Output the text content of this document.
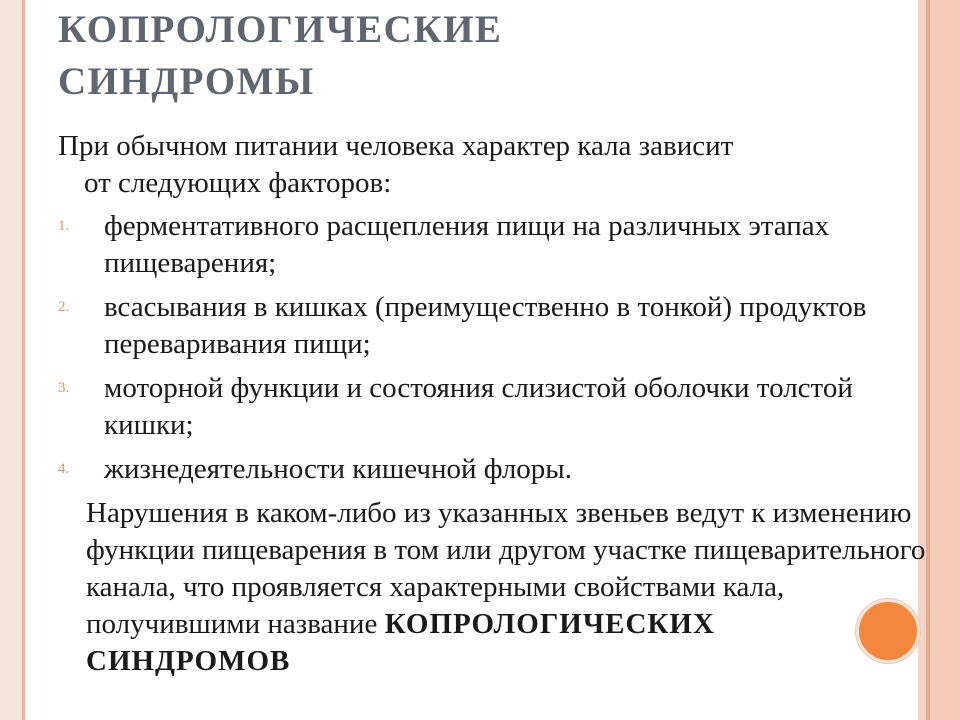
КОПРОЛОГИЧЕСКИЕ
СИНДРОМЫ

При обычном питании человека характер кала зависит
от следующих факторов:

1. ферментативного расщепления пищи на различных этапах пищеварения;
2. всасывания в кишках (преимущественно в тонкой) продуктов переваривания пищи;
3. моторной функции и состояния слизистой оболочки толстой кишки;
4. жизнедеятельности кишечной флоры.

Нарушения в каком-либо из указанных звеньев ведут к изменению функции пищеварения в том или другом участке пищеварительного канала, что проявляется характерными свойствами кала, получившими название КОПРОЛОГИЧЕСКИХ СИНДРОМОВ
